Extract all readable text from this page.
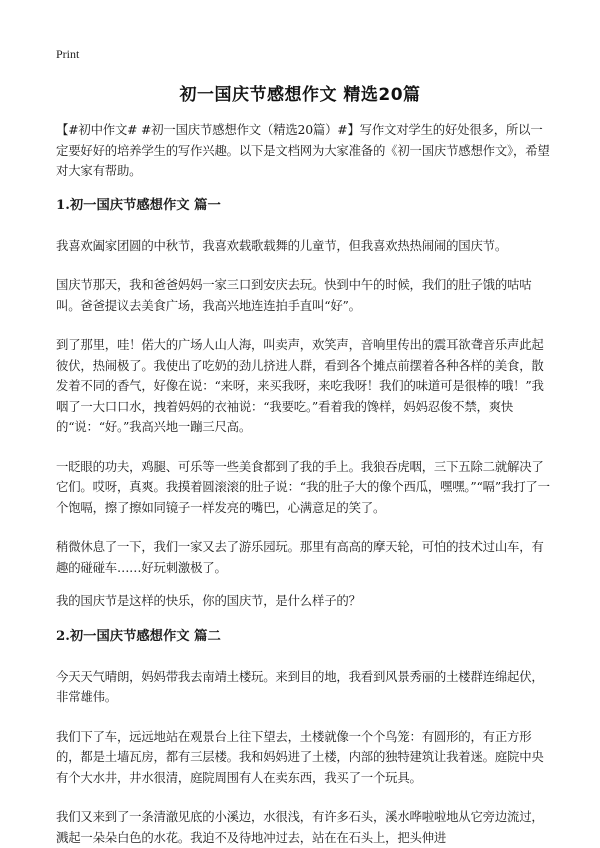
Print
初一国庆节感想作文 精选20篇

【#初中作文# #初一国庆节感想作文（精选20篇）#】写作文对学生的好处很多，所以一定要好好的培养学生的写作兴趣。以下是文档网为大家准备的《初一国庆节感想作文》，希望对大家有帮助。

1.初一国庆节感想作文 篇一

我喜欢阖家团圆的中秋节，我喜欢载歌载舞的儿童节，但我喜欢热热闹闹的国庆节。

国庆节那天，我和爸爸妈妈一家三口到安庆去玩。快到中午的时候，我们的肚子饿的咕咕叫。爸爸提议去美食广场，我高兴地连连拍手直叫“好”。

到了那里，哇！偌大的广场人山人海，叫卖声，欢笑声，音响里传出的震耳欲聋音乐声此起彼伏，热闹极了。我使出了吃奶的劲儿挤进人群，看到各个摊点前摆着各种各样的美食，散发着不同的香气，好像在说：“来呀，来买我呀，来吃我呀！我们的味道可是很棒的哦！”我咽了一大口口水，拽着妈妈的衣袖说：“我要吃。”看着我的馋样，妈妈忍俊不禁，爽快的“说：“好。”我高兴地一蹦三尺高。

一眨眼的功夫，鸡腿、可乐等一些美食都到了我的手上。我狼吞虎咽，三下五除二就解决了它们。哎呀，真爽。我摸着圆滚滚的肚子说：“我的肚子大的像个西瓜，嘿嘿。”“嗝”我打了一个饱嗝，擦了擦如同镜子一样发亮的嘴巴，心满意足的笑了。

稍微休息了一下，我们一家又去了游乐园玩。那里有高高的摩天轮，可怕的技术过山车，有趣的碰碰车……好玩刺激极了。

我的国庆节是这样的快乐，你的国庆节，是什么样子的？

2.初一国庆节感想作文 篇二

今天天气晴朗，妈妈带我去南靖土楼玩。来到目的地，我看到风景秀丽的土楼群连绵起伏，非常雄伟。

我们下了车，远远地站在观景台上往下望去，土楼就像一个个鸟笼：有圆形的，有正方形的，都是土墙瓦房，都有三层楼。我和妈妈进了土楼，内部的独特建筑让我着迷。庭院中央有个大水井，井水很清，庭院周围有人在卖东西，我买了一个玩具。

我们又来到了一条清澈见底的小溪边，水很浅，有许多石头，溪水哗啦啦地从它旁边流过，溅起一朵朵白色的水花。我迫不及待地冲过去，站在在石头上，把头伸进
